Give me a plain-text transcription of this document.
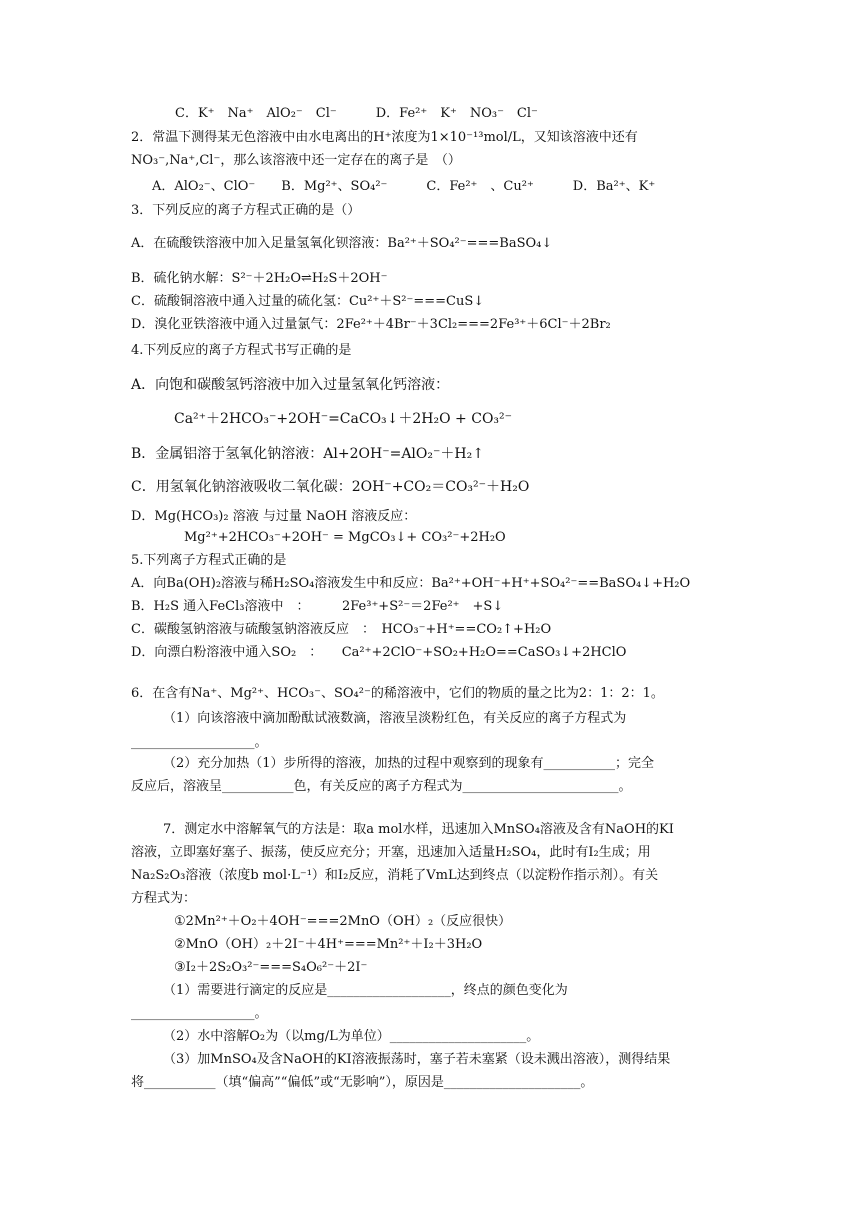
C．K⁺　Na⁺　AlO₂⁻　Cl⁻　　　D．Fe²⁺　K⁺　NO₃⁻　Cl⁻
2．常温下测得某无色溶液中由水电离出的H⁺浓度为1×10⁻¹³mol/L，又知该溶液中还有
NO₃⁻,Na⁺,Cl⁻，那么该溶液中还一定存在的离子是　（）
A．AlO₂⁻、ClO⁻　　B．Mg²⁺、SO₄²⁻　　　C．Fe²⁺　、Cu²⁺　　　D．Ba²⁺、K⁺
3．下列反应的离子方程式正确的是（）
A．在硫酸铁溶液中加入足量氢氧化钡溶液：Ba²⁺＋SO₄²⁻===BaSO₄↓
B．硫化钠水解：S²⁻＋2H₂O⇌H₂S＋2OH⁻
C．硫酸铜溶液中通入过量的硫化氢：Cu²⁺＋S²⁻===CuS↓
D．溴化亚铁溶液中通入过量氯气：2Fe²⁺＋4Br⁻＋3Cl₂===2Fe³⁺＋6Cl⁻＋2Br₂
4.下列反应的离子方程式书写正确的是
A．向饱和碳酸氢钙溶液中加入过量氢氧化钙溶液：
Ca²⁺＋2HCO₃⁻+2OH⁻=CaCO₃↓＋2H₂O + CO₃²⁻
B．金属铝溶于氢氧化钠溶液：Al+2OH⁻=AlO₂⁻＋H₂↑
C．用氢氧化钠溶液吸收二氧化碳：2OH⁻+CO₂＝CO₃²⁻＋H₂O
D．Mg(HCO₃)₂ 溶液 与过量 NaOH 溶液反应：
Mg²⁺+2HCO₃⁻+2OH⁻ = MgCO₃↓+ CO₃²⁻+2H₂O
5.下列离子方程式正确的是
A．向Ba(OH)₂溶液与稀H₂SO₄溶液发生中和反应：Ba²⁺+OH⁻+H⁺+SO₄²⁻==BaSO₄↓+H₂O
B．H₂S 通入FeCl₃溶液中　：　　　2Fe³⁺+S²⁻＝2Fe²⁺　+S↓
C．碳酸氢钠溶液与硫酸氢钠溶液反应　：　HCO₃⁻+H⁺==CO₂↑+H₂O
D．向漂白粉溶液中通入SO₂　：　　Ca²⁺+2ClO⁻+SO₂+H₂O==CaSO₃↓+2HClO
6．在含有Na⁺、Mg²⁺、HCO₃⁻、SO₄²⁻的稀溶液中，它们的物质的量之比为2：1：2：1。
（1）向该溶液中滴加酚酞试液数滴，溶液呈淡粉红色，有关反应的离子方程式为
___________________。
（2）充分加热（1）步所得的溶液，加热的过程中观察到的现象有___________；完全
反应后，溶液呈___________色，有关反应的离子方程式为________________________。
7．测定水中溶解氧气的方法是：取a mol水样，迅速加入MnSO₄溶液及含有NaOH的KI
溶液，立即塞好塞子、振荡，使反应充分；开塞，迅速加入适量H₂SO₄，此时有I₂生成；用
Na₂S₂O₃溶液（浓度b mol·L⁻¹）和I₂反应，消耗了VmL达到终点（以淀粉作指示剂）。有关
方程式为：
①2Mn²⁺＋O₂＋4OH⁻===2MnO（OH）₂（反应很快）
②MnO（OH）₂＋2I⁻＋4H⁺===Mn²⁺＋I₂＋3H₂O
③I₂＋2S₂O₃²⁻===S₄O₆²⁻＋2I⁻
（1）需要进行滴定的反应是___________________，终点的颜色变化为
___________________。
（2）水中溶解O₂为（以mg/L为单位）_____________________。
（3）加MnSO₄及含NaOH的KI溶液振荡时，塞子若未塞紧（设未溅出溶液），测得结果
将___________（填“偏高”“偏低”或“无影响”），原因是_____________________。
